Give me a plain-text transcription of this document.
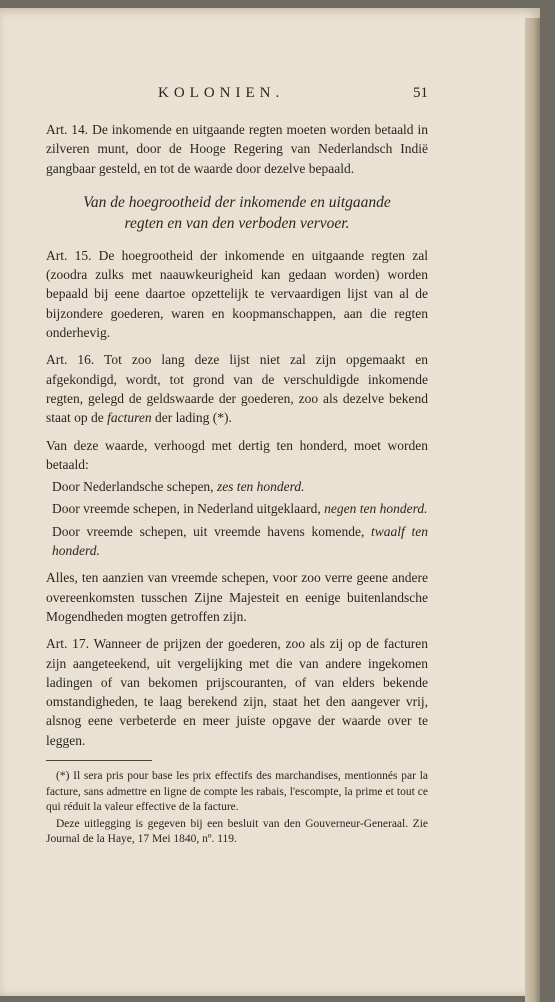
KOLONIEN.	51

Art. 14. De inkomende en uitgaande regten moeten worden betaald in zilveren munt, door de Hooge Regering van Nederlandsch Indië gangbaar gesteld, en tot de waarde door dezelve bepaald.

Van de hoegrootheid der inkomende en uitgaande
regten en van den verboden vervoer.

Art. 15. De hoegrootheid der inkomende en uitgaande regten zal (zoodra zulks met naauwkeurigheid kan gedaan worden) worden bepaald bij eene daartoe opzettelijk te vervaardigen lijst van al de bijzondere goederen, waren en koopmanschappen, aan die regten onderhevig.

Art. 16. Tot zoo lang deze lijst niet zal zijn opgemaakt en afgekondigd, wordt, tot grond van de verschuldigde inkomende regten, gelegd de geldswaarde der goederen, zoo als dezelve bekend staat op de facturen der lading (*).

Van deze waarde, verhoogd met dertig ten honderd, moet worden betaald:

Door Nederlandsche schepen, zes ten honderd.

Door vreemde schepen, in Nederland uitgeklaard, negen ten honderd.

Door vreemde schepen, uit vreemde havens komende, twaalf ten honderd.

Alles, ten aanzien van vreemde schepen, voor zoo verre geene andere overeenkomsten tusschen Zijne Majesteit en eenige buitenlandsche Mogendheden mogten getroffen zijn.

Art. 17. Wanneer de prijzen der goederen, zoo als zij op de facturen zijn aangeteekend, uit vergelijking met die van andere ingekomen ladingen of van bekomen prijscouranten, of van elders bekende omstandigheden, te laag berekend zijn, staat het den aangever vrij, alsnog eene verbeterde en meer juiste opgave der waarde over te leggen.

(*) Il sera pris pour base les prix effectifs des marchandises, mentionnés par la facture, sans admettre en ligne de compte les rabais, l'escompte, la prime et tout ce qui réduit la valeur effective de la facture.

Deze uitlegging is gegeven bij een besluit van den Gouverneur-Generaal. Zie Journal de la Haye, 17 Mei 1840, nº. 119.
